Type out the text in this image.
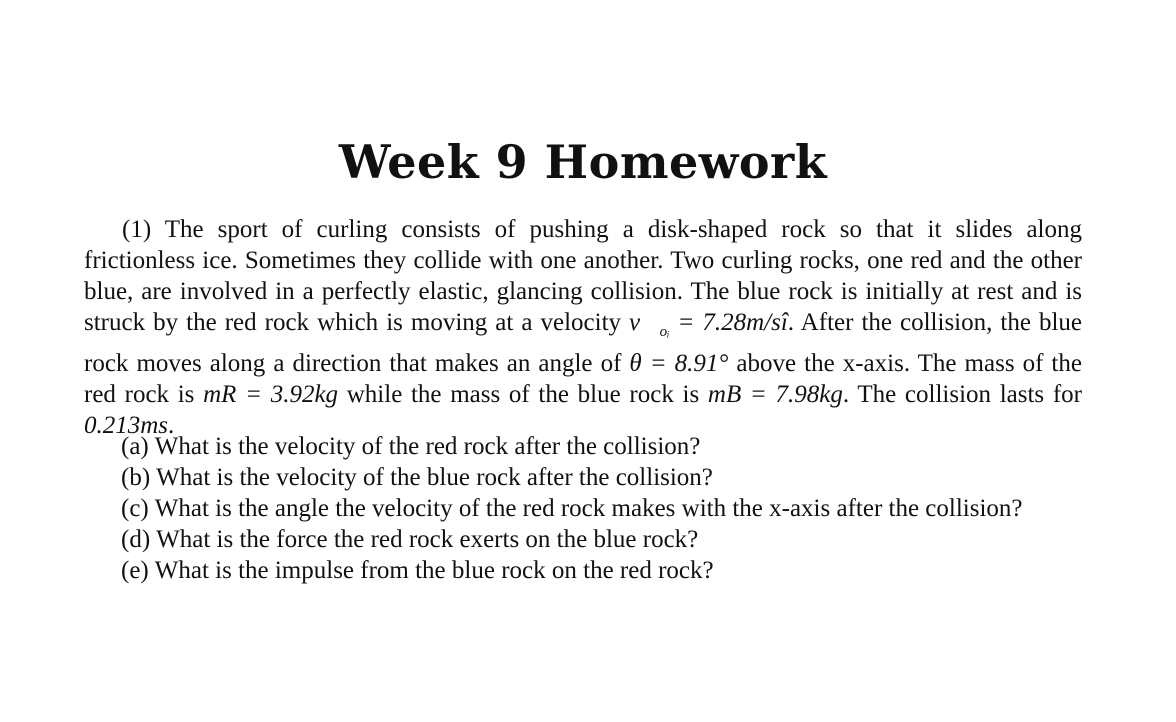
Week 9 Homework

(1) The sport of curling consists of pushing a disk-shaped rock so that it slides along frictionless ice. Sometimes they collide with one another. Two curling rocks, one red and the other blue, are involved in a perfectly elastic, glancing collision. The blue rock is initially at rest and is struck by the red rock which is moving at a velocity $v⃗_{oᵢ}$ = 7.28m/sî. After the collision, the blue rock moves along a direction that makes an angle of θ = 8.91° above the x-axis. The mass of the red rock is mR = 3.92kg while the mass of the blue rock is mB = 7.98kg. The collision lasts for 0.213ms.

(a) What is the velocity of the red rock after the collision?
(b) What is the velocity of the blue rock after the collision?
(c) What is the angle the velocity of the red rock makes with the x-axis after the collision?
(d) What is the force the red rock exerts on the blue rock?
(e) What is the impulse from the blue rock on the red rock?
